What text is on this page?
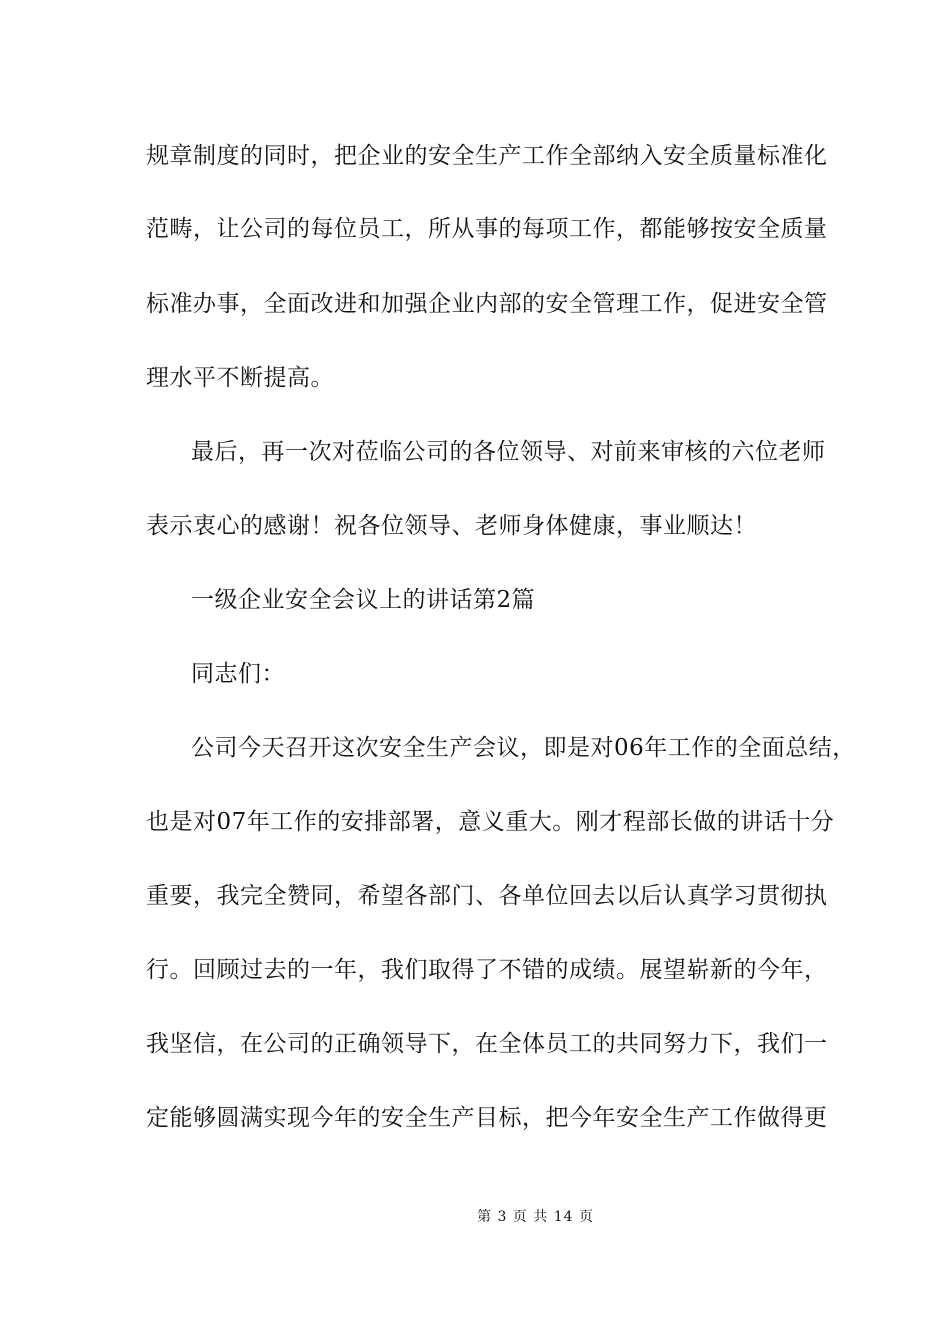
规章制度的同时，把企业的安全生产工作全部纳入安全质量标准化
范畴，让公司的每位员工，所从事的每项工作，都能够按安全质量
标准办事，全面改进和加强企业内部的安全管理工作，促进安全管
理水平不断提高。
最后，再一次对莅临公司的各位领导、对前来审核的六位老师
表示衷心的感谢！祝各位领导、老师身体健康，事业顺达！
一级企业安全会议上的讲话第2篇
同志们：
公司今天召开这次安全生产会议，即是对06年工作的全面总结，
也是对07年工作的安排部署，意义重大。刚才程部长做的讲话十分
重要，我完全赞同，希望各部门、各单位回去以后认真学习贯彻执
行。回顾过去的一年，我们取得了不错的成绩。展望崭新的今年，
我坚信，在公司的正确领导下，在全体员工的共同努力下，我们一
定能够圆满实现今年的安全生产目标，把今年安全生产工作做得更
第 3 页 共 14 页
